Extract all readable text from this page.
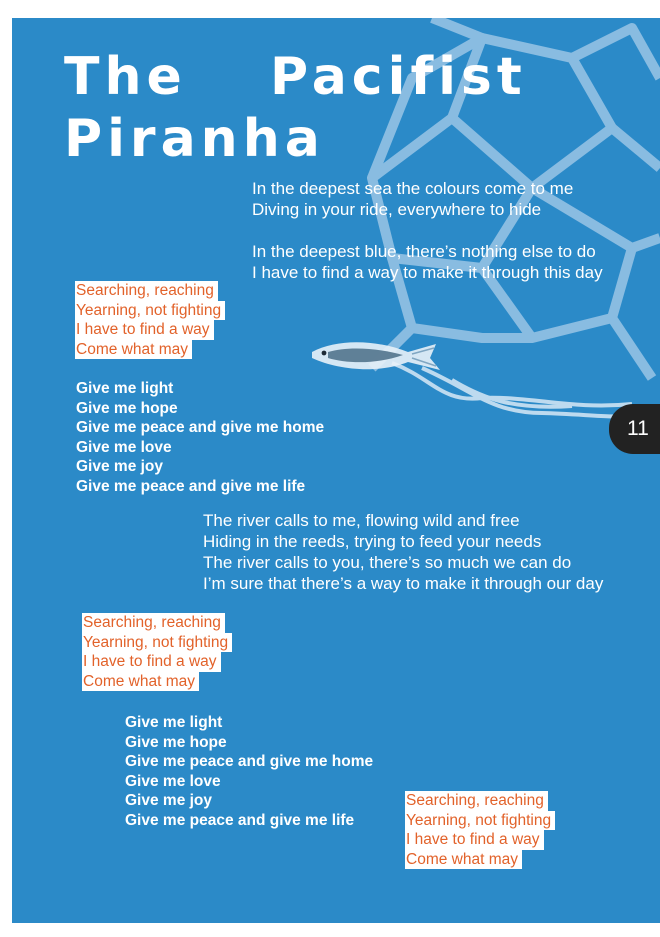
The Pacifist
Piranha

In the deepest sea the colours come to me

Diving in your ride, everywhere to hide

In the deepest blue, there’s nothing else to do

I have to find a way to make it through this day

Searching, reaching
Yearning, not fighting
I have to find a way
Come what may

Give me light

Give me hope

Give me peace and give me home

Give me love

Give me joy

Give me peace and give me life

11

The river calls to me, flowing wild and free

Hiding in the reeds, trying to feed your needs

The river calls to you, there’s so much we can do

I’m sure that there’s a way to make it through our day

Searching, reaching
Yearning, not fighting
I have to find a way
Come what may

Give me light

Give me hope

Give me peace and give me home

Give me love

Give me joy

Give me peace and give me life

Searching, reaching
Yearning, not fighting
I have to find a way
Come what may
